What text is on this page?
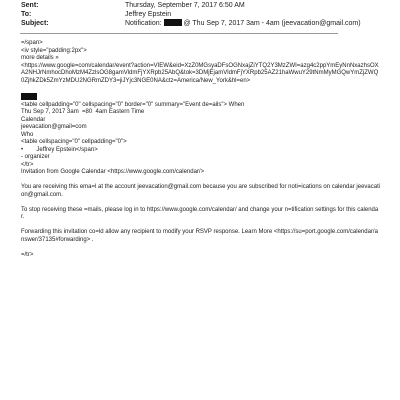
Sent:	Thursday, September 7, 2017 6:50 AM
To:	Jeffrey Epstein
Subject:	Notification:	@ Thu Sep 7, 2017 3am - 4am (jeevacation@gmail.com)

=/span>

<iv style="padding:2px">

more details »

<https://www.google=com/calendar/event?action=VIEW&eid=XzZ0MGsyaDFsOGNxajZiYTQ2Y3MzZWI=azg4c2ppYmEyNnNxazhsOXA2NHJrNmhocDhoMzM4ZzlsOG8gam​VldmFjYXRpb25AbQ&tok=3DMjEjamVldmFjYXRpb25AZ21haWwuY29tNmMyMGQwYmZjZWQ0ZjhkZDk5ZmYzMDU2NGRmZDY3=jiJYjc3NGE0NA&ctz=America/New_York&hl=en>

<table cellpadding="0" cellspacing="0" border="0" summary="Event de=ails"> When

Thu Sep 7, 2017 3am  =80  4am Eastern Time

Calendar

jeevacation@gmail=com

Who

<table cellspacing="0" cellpadding="0">

•        Jeffrey Epstein</span>

- organizer

</tr>

Invitation from Google Calendar <https://www.google.com/calendar/>

You are receiving this ema=l at the account jeevacation@gmail.com because you are subscribed for noti=ications on calendar jeevacation@gmail.com.

To stop receiving these =mails, please log in to https://www.google.com/calendar/ and change your n=tification settings for this calendar.

Forwarding this invitation co=ld allow any recipient to modify your RSVP response. Learn More <https://su=port.google.com/calendar/answer/37135#forwarding> .

=/tr>
